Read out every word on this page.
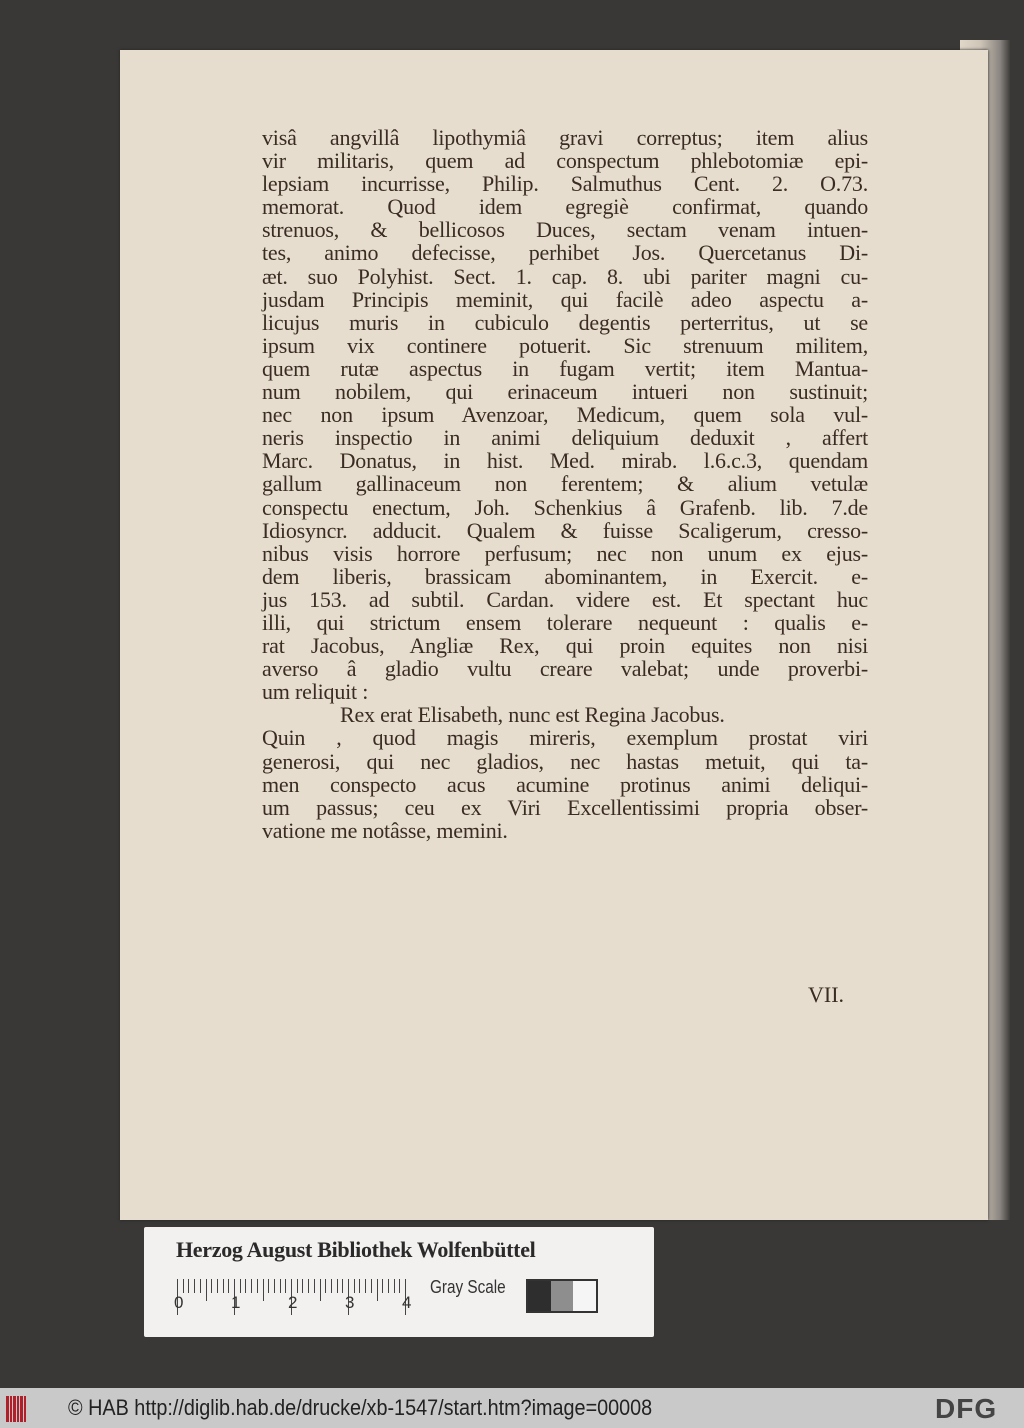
visâ angvillâ lipothymiâ gravi correptus; item alius
vir militaris, quem ad conspectum phlebotomiæ epi-
lepsiam incurrisse, Philip. Salmuthus Cent. 2. O.73.
memorat. Quod idem egregiè confirmat, quando
strenuos, & bellicosos Duces, sectam venam intuen-
tes, animo defecisse, perhibet Jos. Quercetanus Di-
æt. suo Polyhist. Sect. 1. cap. 8. ubi pariter magni cu-
jusdam Principis meminit, qui facilè adeo aspectu a-
licujus muris in cubiculo degentis perterritus, ut se
ipsum vix continere potuerit. Sic strenuum militem,
quem rutæ aspectus in fugam vertit; item Mantua-
num nobilem, qui erinaceum intueri non sustinuit;
nec non ipsum Avenzoar, Medicum, quem sola vul-
neris inspectio in animi deliquium deduxit , affert
Marc. Donatus, in hist. Med. mirab. l.6.c.3, quendam
gallum gallinaceum non ferentem; & alium vetulæ
conspectu enectum, Joh. Schenkius â Grafenb. lib. 7.de
Idiosyncr. adducit. Qualem & fuisse Scaligerum, cresso-
nibus visis horrore perfusum; nec non unum ex ejus-
dem liberis, brassicam abominantem, in Exercit. e-
jus 153. ad subtil. Cardan. videre est. Et spectant huc
illi, qui strictum ensem tolerare nequeunt : qualis e-
rat Jacobus, Angliæ Rex, qui proin equites non nisi
averso â gladio vultu creare valebat; unde proverbi-
um reliquit :
Rex erat Elisabeth, nunc est Regina Jacobus.
Quin , quod magis mireris, exemplum prostat viri
generosi, qui nec gladios, nec hastas metuit, qui ta-
men conspecto acus acumine protinus animi deliqui-
um passus; ceu ex Viri Excellentissimi propria obser-
vatione me notâsse, memini.
VII.
Herzog August Bibliothek Wolfenbüttel
0	1	2	3	4
Gray Scale
© HAB http://diglib.hab.de/drucke/xb-1547/start.htm?image=00008	DFG
